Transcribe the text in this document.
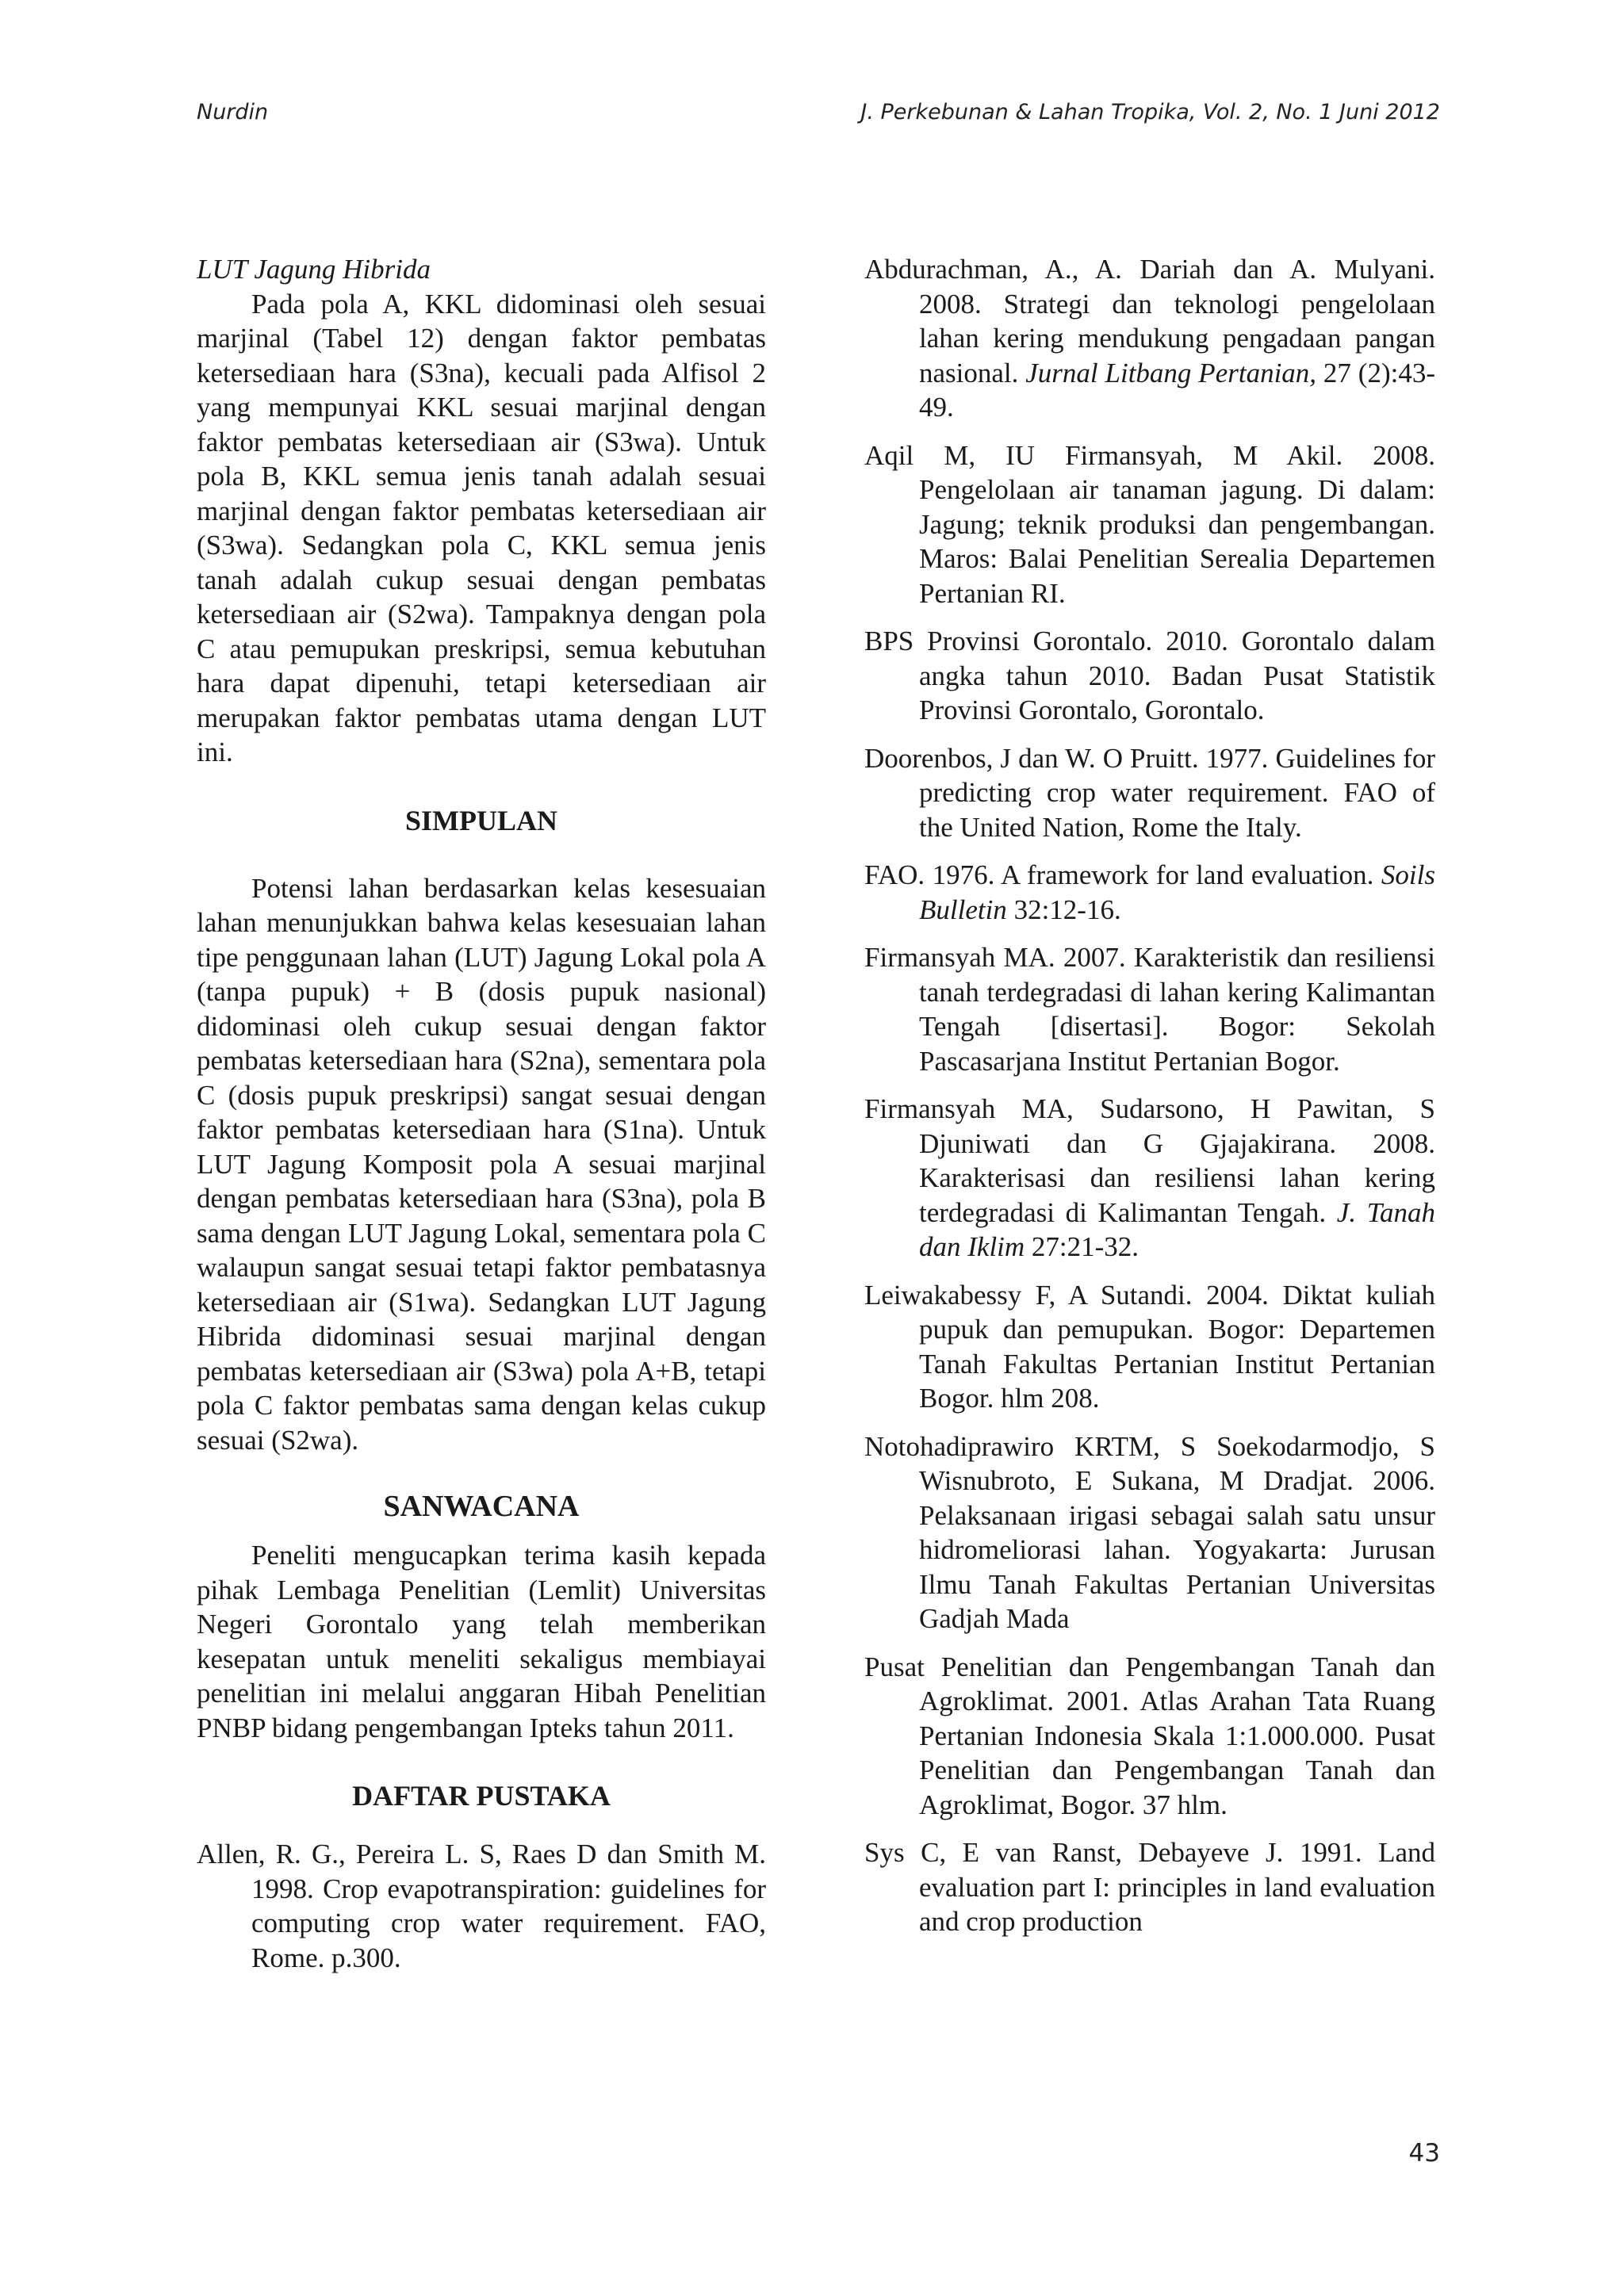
Nurdin	J. Perkebunan & Lahan Tropika, Vol. 2, No. 1 Juni 2012

LUT Jagung Hibrida

Pada pola A, KKL didominasi oleh sesuai marjinal (Tabel 12) dengan faktor pembatas ketersediaan hara (S3na), kecuali pada Alfisol 2 yang mempunyai KKL sesuai marjinal dengan faktor pembatas ketersediaan air (S3wa). Untuk pola B, KKL semua jenis tanah adalah sesuai marjinal dengan faktor pembatas ketersediaan air (S3wa). Sedangkan pola C, KKL semua jenis tanah adalah cukup sesuai dengan pembatas ketersediaan air (S2wa). Tampaknya dengan pola C atau pemupukan preskripsi, semua kebutuhan hara dapat dipenuhi, tetapi ketersediaan air merupakan faktor pembatas utama dengan LUT ini.

SIMPULAN

Potensi lahan berdasarkan kelas kesesuaian lahan menunjukkan bahwa kelas kesesuaian lahan tipe penggunaan lahan (LUT) Jagung Lokal pola A (tanpa pupuk) + B (dosis pupuk nasional) didominasi oleh cukup sesuai dengan faktor pembatas ketersediaan hara (S2na), sementara pola C (dosis pupuk preskripsi) sangat sesuai dengan faktor pembatas ketersediaan hara (S1na). Untuk LUT Jagung Komposit pola A sesuai marjinal dengan pembatas ketersediaan hara (S3na), pola B sama dengan LUT Jagung Lokal, sementara pola C walaupun sangat sesuai tetapi faktor pembatasnya ketersediaan air (S1wa). Sedangkan LUT Jagung Hibrida didominasi sesuai marjinal dengan pembatas ketersediaan air (S3wa) pola A+B, tetapi pola C faktor pembatas sama dengan kelas cukup sesuai (S2wa).

SANWACANA

Peneliti mengucapkan terima kasih kepada pihak Lembaga Penelitian (Lemlit) Universitas Negeri Gorontalo yang telah memberikan kesepatan untuk meneliti sekaligus membiayai penelitian ini melalui anggaran Hibah Penelitian PNBP bidang pengembangan Ipteks tahun 2011.

DAFTAR PUSTAKA

Allen, R. G., Pereira L. S, Raes D dan Smith M. 1998. Crop evapotranspiration: guidelines for computing crop water requirement. FAO, Rome. p.300.

Abdurachman, A., A. Dariah dan A. Mulyani. 2008. Strategi dan teknologi pengelolaan lahan kering mendukung pengadaan pangan nasional. Jurnal Litbang Pertanian, 27 (2):43-49.

Aqil M, IU Firmansyah, M Akil. 2008. Pengelolaan air tanaman jagung. Di dalam: Jagung; teknik produksi dan pengembangan. Maros: Balai Penelitian Serealia Departemen Pertanian RI.

BPS Provinsi Gorontalo. 2010. Gorontalo dalam angka tahun 2010. Badan Pusat Statistik Provinsi Gorontalo, Gorontalo.

Doorenbos, J dan W. O Pruitt. 1977. Guidelines for predicting crop water requirement. FAO of the United Nation, Rome the Italy.

FAO. 1976. A framework for land evaluation. Soils Bulletin 32:12-16.

Firmansyah MA. 2007. Karakteristik dan resiliensi tanah terdegradasi di lahan kering Kalimantan Tengah [disertasi]. Bogor: Sekolah Pascasarjana Institut Pertanian Bogor.

Firmansyah MA, Sudarsono, H Pawitan, S Djuniwati dan G Gjajakirana. 2008. Karakterisasi dan resiliensi lahan kering terdegradasi di Kalimantan Tengah. J. Tanah dan Iklim 27:21-32.

Leiwakabessy F, A Sutandi. 2004. Diktat kuliah pupuk dan pemupukan. Bogor: Departemen Tanah Fakultas Pertanian Institut Pertanian Bogor. hlm 208.

Notohadiprawiro KRTM, S Soekodarmodjo, S Wisnubroto, E Sukana, M Dradjat. 2006. Pelaksanaan irigasi sebagai salah satu unsur hidromeliorasi lahan. Yogyakarta: Jurusan Ilmu Tanah Fakultas Pertanian Universitas Gadjah Mada

Pusat Penelitian dan Pengembangan Tanah dan Agroklimat. 2001. Atlas Arahan Tata Ruang Pertanian Indonesia Skala 1:1.000.000. Pusat Penelitian dan Pengembangan Tanah dan Agroklimat, Bogor. 37 hlm.

Sys C, E van Ranst, Debayeve J. 1991. Land evaluation part I: principles in land evaluation and crop production

43
